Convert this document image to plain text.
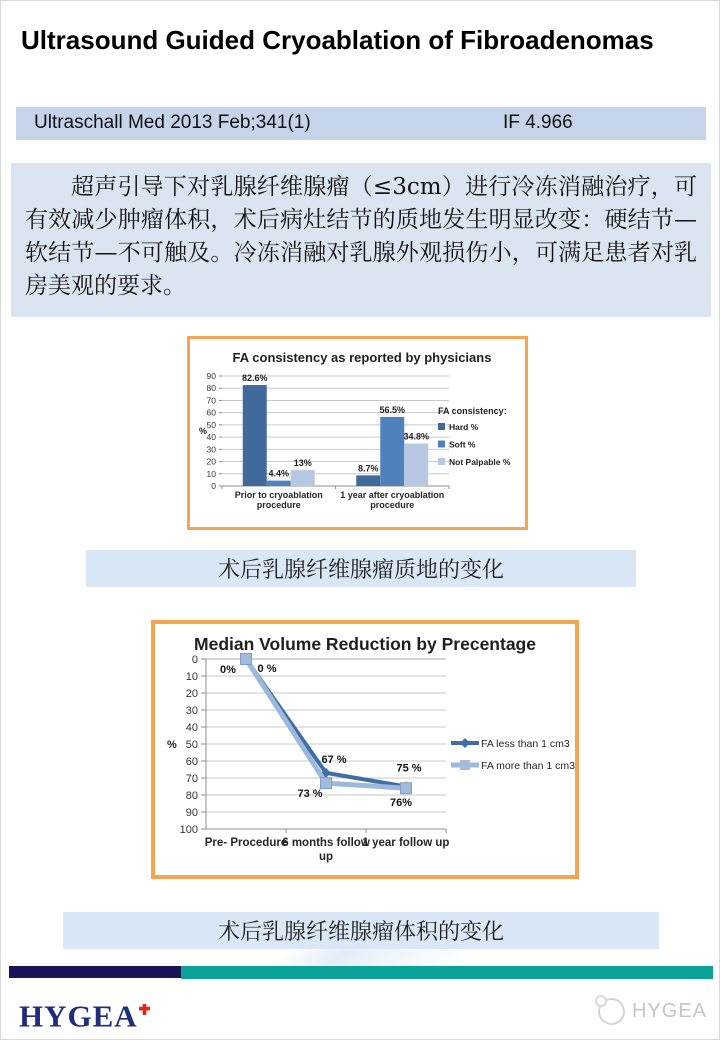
Ultrasound Guided Cryoablation of Fibroadenomas
Ultraschall Med 2013 Feb;341(1)	IF 4.966
超声引导下对乳腺纤维腺瘤（≤3cm）进行冷冻消融治疗，可有效减少肿瘤体积，术后病灶结节的质地发生明显改变：硬结节—软结节—不可触及。冷冻消融对乳腺外观损伤小，可满足患者对乳房美观的要求。
FA consistency as reported by physicians
0
10
20
30
40
50
60
70
80
90
%
Prior to cryoablation
procedure
1 year after cryoablation
procedure
82.6%
8.7%
4.4%
56.5%
13%
34.8%
FA consistency:
Hard %
Soft %
Not Palpable %
术后乳腺纤维腺瘤质地的变化
Median Volume Reduction by Precentage
0
10
20
30
40
50
60
70
80
90
100
%
Pre- Procedure
6 months follow
up
1 year follow up
0%
67 %
75 %
0 %
73 %
76%
FA less than 1 cm3
FA more than 1 cm3
术后乳腺纤维腺瘤体积的变化
HYGEA	HYGEA
